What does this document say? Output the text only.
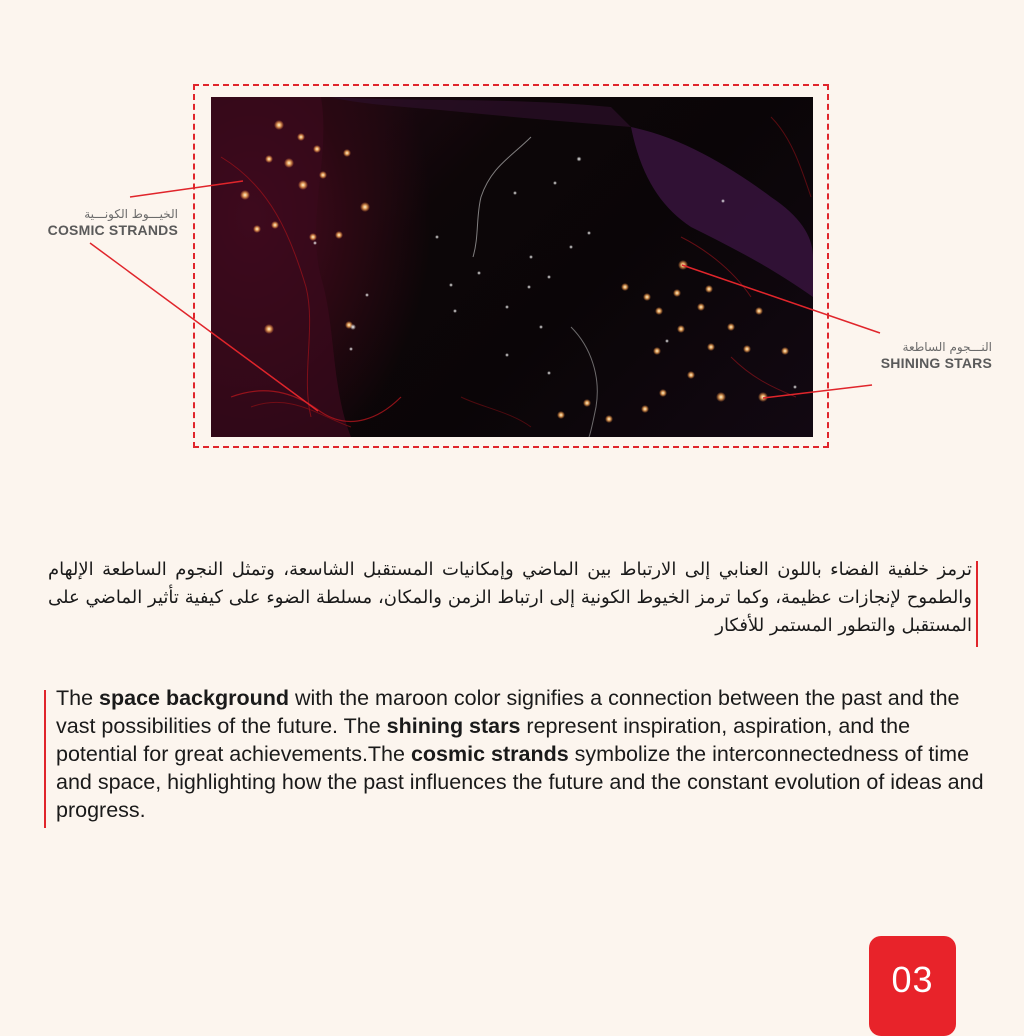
الخيـــوط الكونـــية
COSMIC STRANDS
النـــجوم الساطعة
SHINING STARS
ترمز خلفية الفضاء باللون العنابي إلى الارتباط بين الماضي وإمكانيات المستقبل الشاسعة، وتمثل النجوم الساطعة الإلهام والطموح لإنجازات عظيمة، وكما ترمز الخيوط الكونية إلى ارتباط الزمن والمكان، مسلطة الضوء على كيفية تأثير الماضي على المستقبل والتطور المستمر للأفكار
The space background with the maroon color signifies a connection between the past and the vast possibilities of the future. The shining stars represent inspiration, aspiration, and the potential for great achievements.The cosmic strands symbolize the interconnectedness of time and space, highlighting how the past influences the future and the constant evolution of ideas and progress.
03
